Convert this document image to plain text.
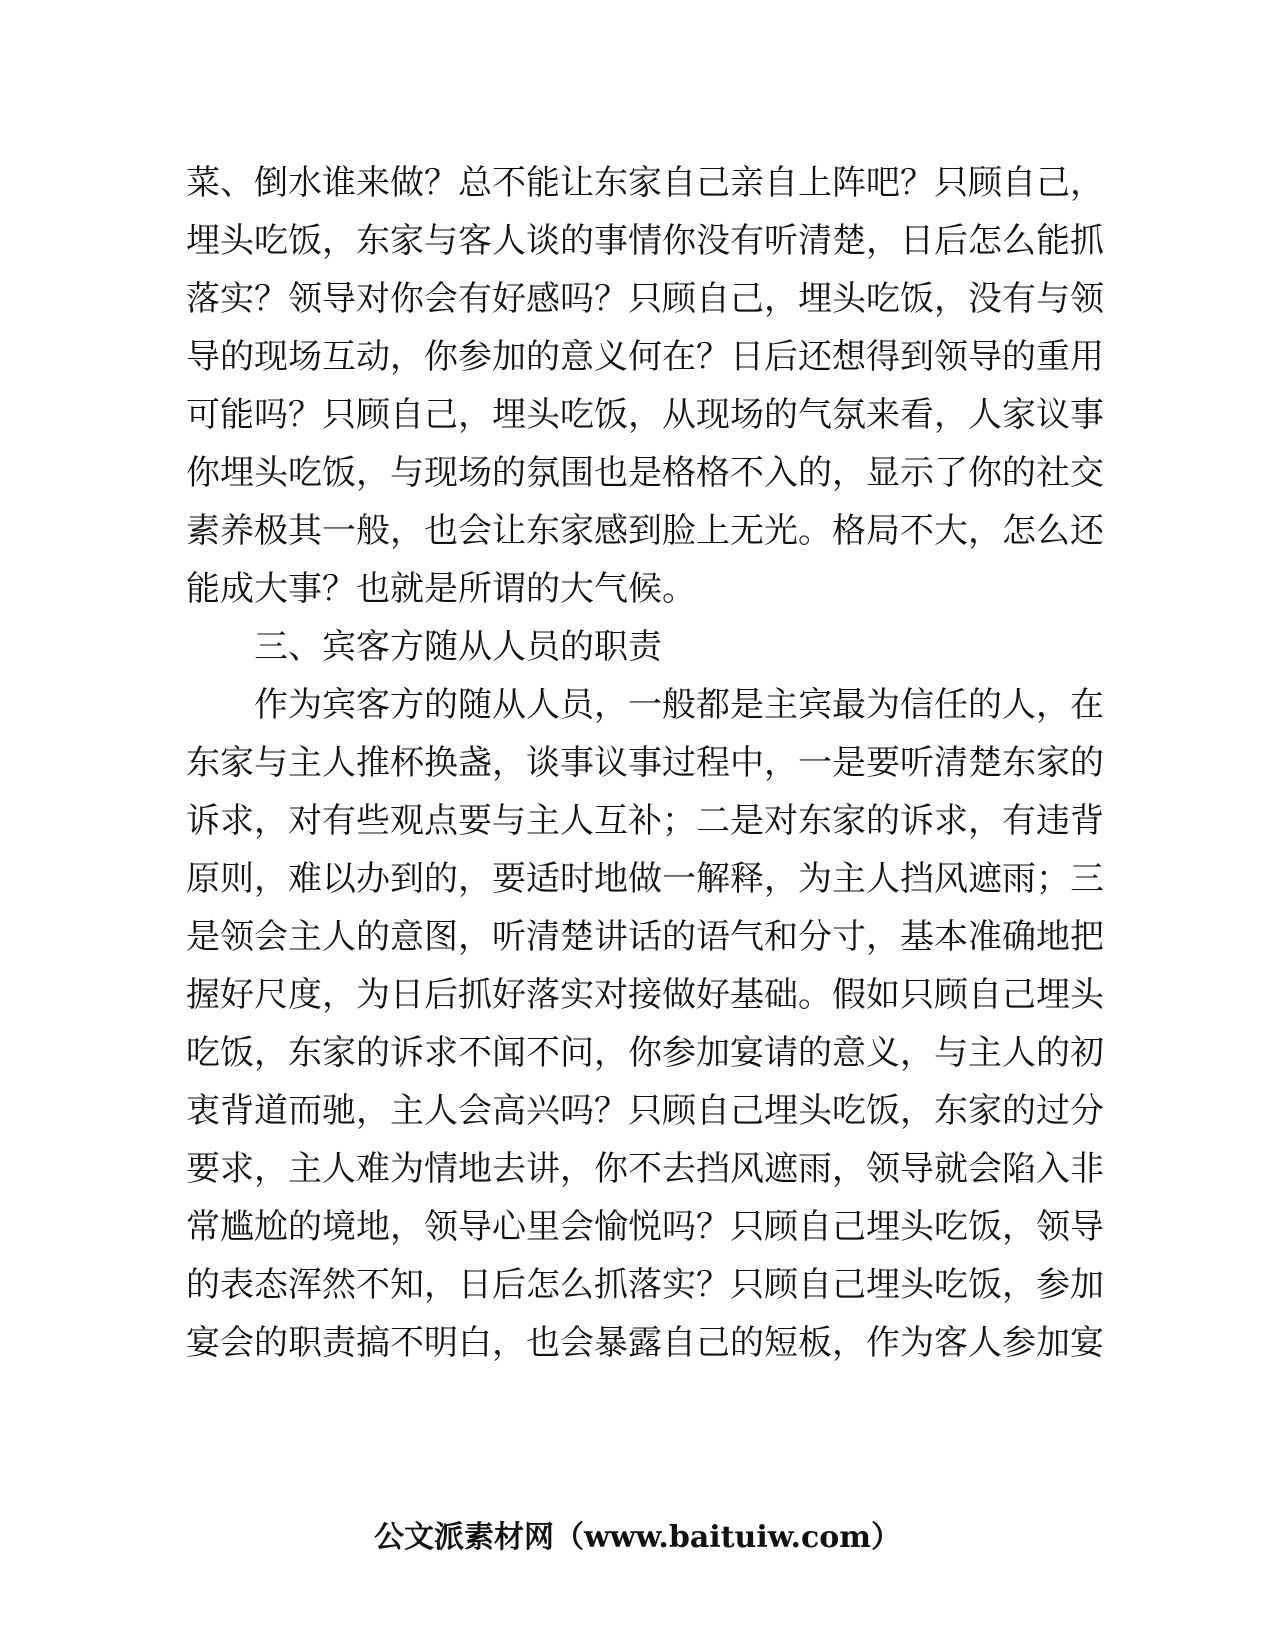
菜、倒水谁来做？总不能让东家自己亲自上阵吧？只顾自己，
埋头吃饭，东家与客人谈的事情你没有听清楚，日后怎么能抓
落实？领导对你会有好感吗？只顾自己，埋头吃饭，没有与领
导的现场互动，你参加的意义何在？日后还想得到领导的重用
可能吗？只顾自己，埋头吃饭，从现场的气氛来看，人家议事
你埋头吃饭，与现场的氛围也是格格不入的，显示了你的社交
素养极其一般，也会让东家感到脸上无光。格局不大，怎么还
能成大事？也就是所谓的大气候。
三、宾客方随从人员的职责
作为宾客方的随从人员，一般都是主宾最为信任的人，在
东家与主人推杯换盏，谈事议事过程中，一是要听清楚东家的
诉求，对有些观点要与主人互补；二是对东家的诉求，有违背
原则，难以办到的，要适时地做一解释，为主人挡风遮雨；三
是领会主人的意图，听清楚讲话的语气和分寸，基本准确地把
握好尺度，为日后抓好落实对接做好基础。假如只顾自己埋头
吃饭，东家的诉求不闻不问，你参加宴请的意义，与主人的初
衷背道而驰，主人会高兴吗？只顾自己埋头吃饭，东家的过分
要求，主人难为情地去讲，你不去挡风遮雨，领导就会陷入非
常尴尬的境地，领导心里会愉悦吗？只顾自己埋头吃饭，领导
的表态浑然不知，日后怎么抓落实？只顾自己埋头吃饭，参加
宴会的职责搞不明白，也会暴露自己的短板，作为客人参加宴
公文派素材网（www.baituiw.com）
